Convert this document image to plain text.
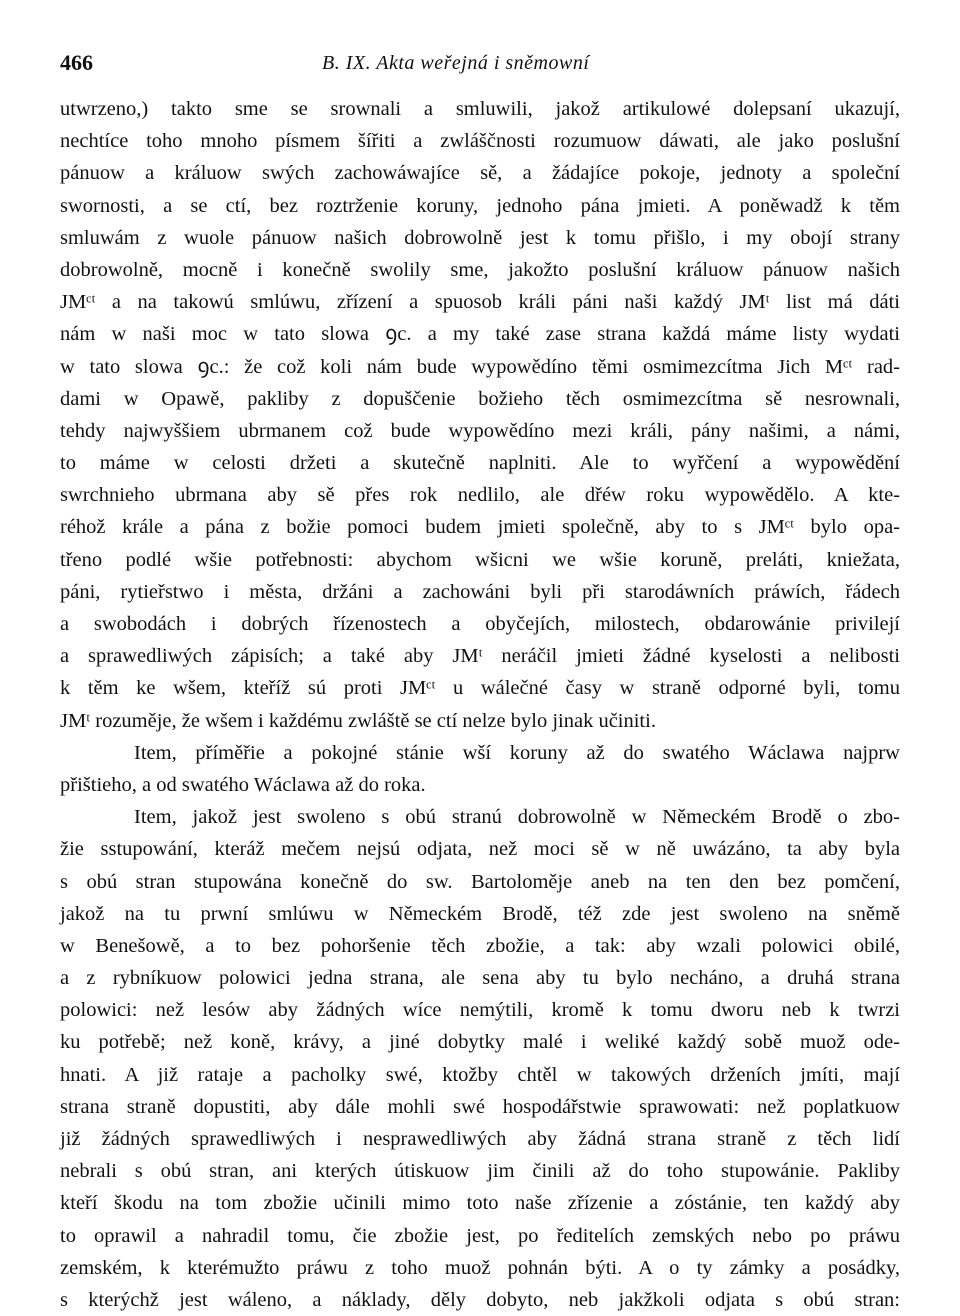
466	B. IX. Akta weřejná i sněmowní
utwrzeno,) takto sme se srownali a smluwili, jakož artikulowé dolepsaní ukazují,
nechtíce toho mnoho písmem šířiti a zwláščnosti rozumuow dáwati, ale jako poslušní
pánuow a králuow swých zachowáwajíce sě, a žádajíce pokoje, jednoty a společní
swornosti, a se ctí, bez roztrženie koruny, jednoho pána jmieti. A poněwadž k těm
smluwám z wuole pánuow našich dobrowolně jest k tomu přišlo, i my obojí strany
dobrowolně, mocně i konečně swolily sme, jakožto poslušní králuow pánuow našich
JMᶜᵗ a na takowú smlúwu, zřízení a spuosob králi páni naši každý JMᵗ list má dáti
nám w naši moc w tato slowa ꝯc. a my také zase strana každá máme listy wydati
w tato slowa ꝯc.: že což koli nám bude wypowědíno těmi osmimezcítma Jich Mᶜᵗ rad-
dami w Opawě, pakliby z dopuščenie božieho těch osmimezcítma sě nesrownali,
tehdy najwyššiem ubrmanem což bude wypowědíno mezi králi, pány našimi, a námi,
to máme w celosti držeti a skutečně naplniti. Ale to wyřčení a wypowědění
swrchnieho ubrmana aby sě přes rok nedlilo, ale dřéw roku wypowědělo. A kte-
réhož krále a pána z božie pomoci budem jmieti společně, aby to s JMᶜᵗ bylo opa-
třeno podlé wšie potřebnosti: abychom wšicni we wšie koruně, preláti, kniežata,
páni, rytieřstwo i města, držáni a zachowáni byli při starodáwních práwích, řádech
a swobodách i dobrých řízenostech a obyčejích, milostech, obdarowánie privilejí
a sprawedliwých zápisích; a také aby JMᵗ neráčil jmieti žádné kyselosti a nelibosti
k těm ke wšem, kteříž sú proti JMᶜᵗ u wálečné časy w straně odporné byli, tomu
JMᵗ rozuměje, že wšem i každému zwláště se ctí nelze bylo jinak učiniti.
Item, příměřie a pokojné stánie wší koruny až do swatého Wáclawa najprw
přištieho, a od swatého Wáclawa až do roka.
Item, jakož jest swoleno s obú stranú dobrowolně w Německém Brodě o zbo-
žie sstupowání, kteráž mečem nejsú odjata, než moci sě w ně uwázáno, ta aby byla
s obú stran stupowána konečně do sw. Bartoloměje aneb na ten den bez pomčení,
jakož na tu prwní smlúwu w Německém Brodě, též zde jest swoleno na sněmě
w Benešowě, a to bez pohoršenie těch zbožie, a tak: aby wzali polowici obilé,
a z rybníkuow polowici jedna strana, ale sena aby tu bylo necháno, a druhá strana
polowici: než lesów aby žádných wíce nemýtili, kromě k tomu dworu neb k twrzi
ku potřebě; než koně, krávy, a jiné dobytky malé i weliké každý sobě muož ode-
hnati. A již rataje a pacholky swé, ktožby chtěl w takowých drženích jmíti, mají
strana straně dopustiti, aby dále mohli swé hospodářstwie sprawowati: než poplatkuow
již žádných sprawedliwých i nesprawedliwých aby žádná strana straně z těch lidí
nebrali s obú stran, ani kterých útiskuow jim činili až do toho stupowánie. Pakliby
kteří škodu na tom zbožie učinili mimo toto naše zřízenie a zóstánie, ten každý aby
to oprawil a nahradil tomu, čie zbožie jest, po ředitelích zemských nebo po práwu
zemském, k kterémužto práwu z toho muož pohnán býti. A o ty zámky a posádky,
s kterýchž jest wáleno, a náklady, děly dobyto, neb jakžkoli odjata s obú stran:
